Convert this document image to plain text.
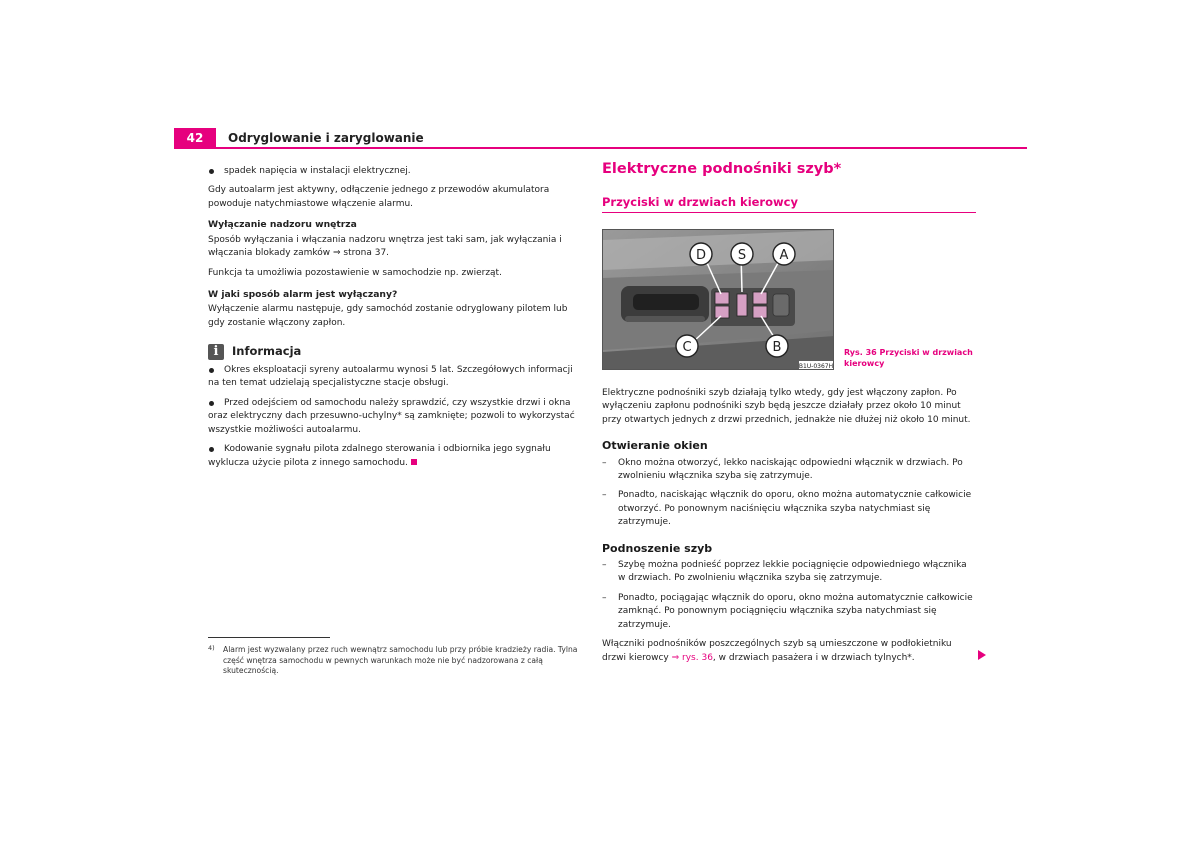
42	Odryglowanie i zaryglowanie
spadek napięcia w instalacji elektrycznej.

Gdy autoalarm jest aktywny, odłączenie jednego z przewodów akumulatora powoduje natychmiastowe włączenie alarmu.

Wyłączanie nadzoru wnętrza

Sposób wyłączania i włączania nadzoru wnętrza jest taki sam, jak wyłączania i włączania blokady zamków ⇒ strona 37.

Funkcja ta umożliwia pozostawienie w samochodzie np. zwierząt.

W jaki sposób alarm jest wyłączany?

Wyłączenie alarmu następuje, gdy samochód zostanie odryglowany pilotem lub gdy zostanie włączony zapłon.

i	Informacja
Okres eksploatacji syreny autoalarmu wynosi 5 lat. Szczegółowych informacji na ten temat udzielają specjalistyczne stacje obsługi.
Przed odejściem od samochodu należy sprawdzić, czy wszystkie drzwi i okna oraz elektryczny dach przesuwno-uchylny* są zamknięte; pozwoli to wykorzystać wszystkie możliwości autoalarmu.
Kodowanie sygnału pilota zdalnego sterowania i odbiornika jego sygnału wyklucza użycie pilota z innego samochodu.
4)	Alarm jest wyzwalany przez ruch wewnątrz samochodu lub przy próbie kradzieży radia. Tylna część wnętrza samochodu w pewnych warunkach może nie być nadzorowana z całą skutecznością.
Elektryczne podnośniki szyb*
Przyciski w drzwiach kierowcy
D S	A
C	B
B1U-0367H
Rys. 36 Przyciski w drzwiach kierowcy

Elektryczne podnośniki szyb działają tylko wtedy, gdy jest włączony zapłon. Po wyłączeniu zapłonu podnośniki szyb będą jeszcze działały przez około 10 minut przy otwartych jednych z drzwi przednich, jednakże nie dłużej niż około 10 minut.

Otwieranie okien
– Okno można otworzyć, lekko naciskając odpowiedni włącznik w drzwiach. Po zwolnieniu włącznika szyba się zatrzymuje.
– Ponadto, naciskając włącznik do oporu, okno można automatycznie całkowicie otworzyć. Po ponownym naciśnięciu włącznika szyba natychmiast się zatrzymuje.
Podnoszenie szyb
– Szybę można podnieść poprzez lekkie pociągnięcie odpowiedniego włącznika w drzwiach. Po zwolnieniu włącznika szyba się zatrzymuje.
– Ponadto, pociągając włącznik do oporu, okno można automatycznie całkowicie zamknąć. Po ponownym pociągnięciu włącznika szyba natychmiast się zatrzymuje.

Włączniki podnośników poszczególnych szyb są umieszczone w podłokietniku drzwi kierowcy ⇒ rys. 36, w drzwiach pasażera i w drzwiach tylnych*.
